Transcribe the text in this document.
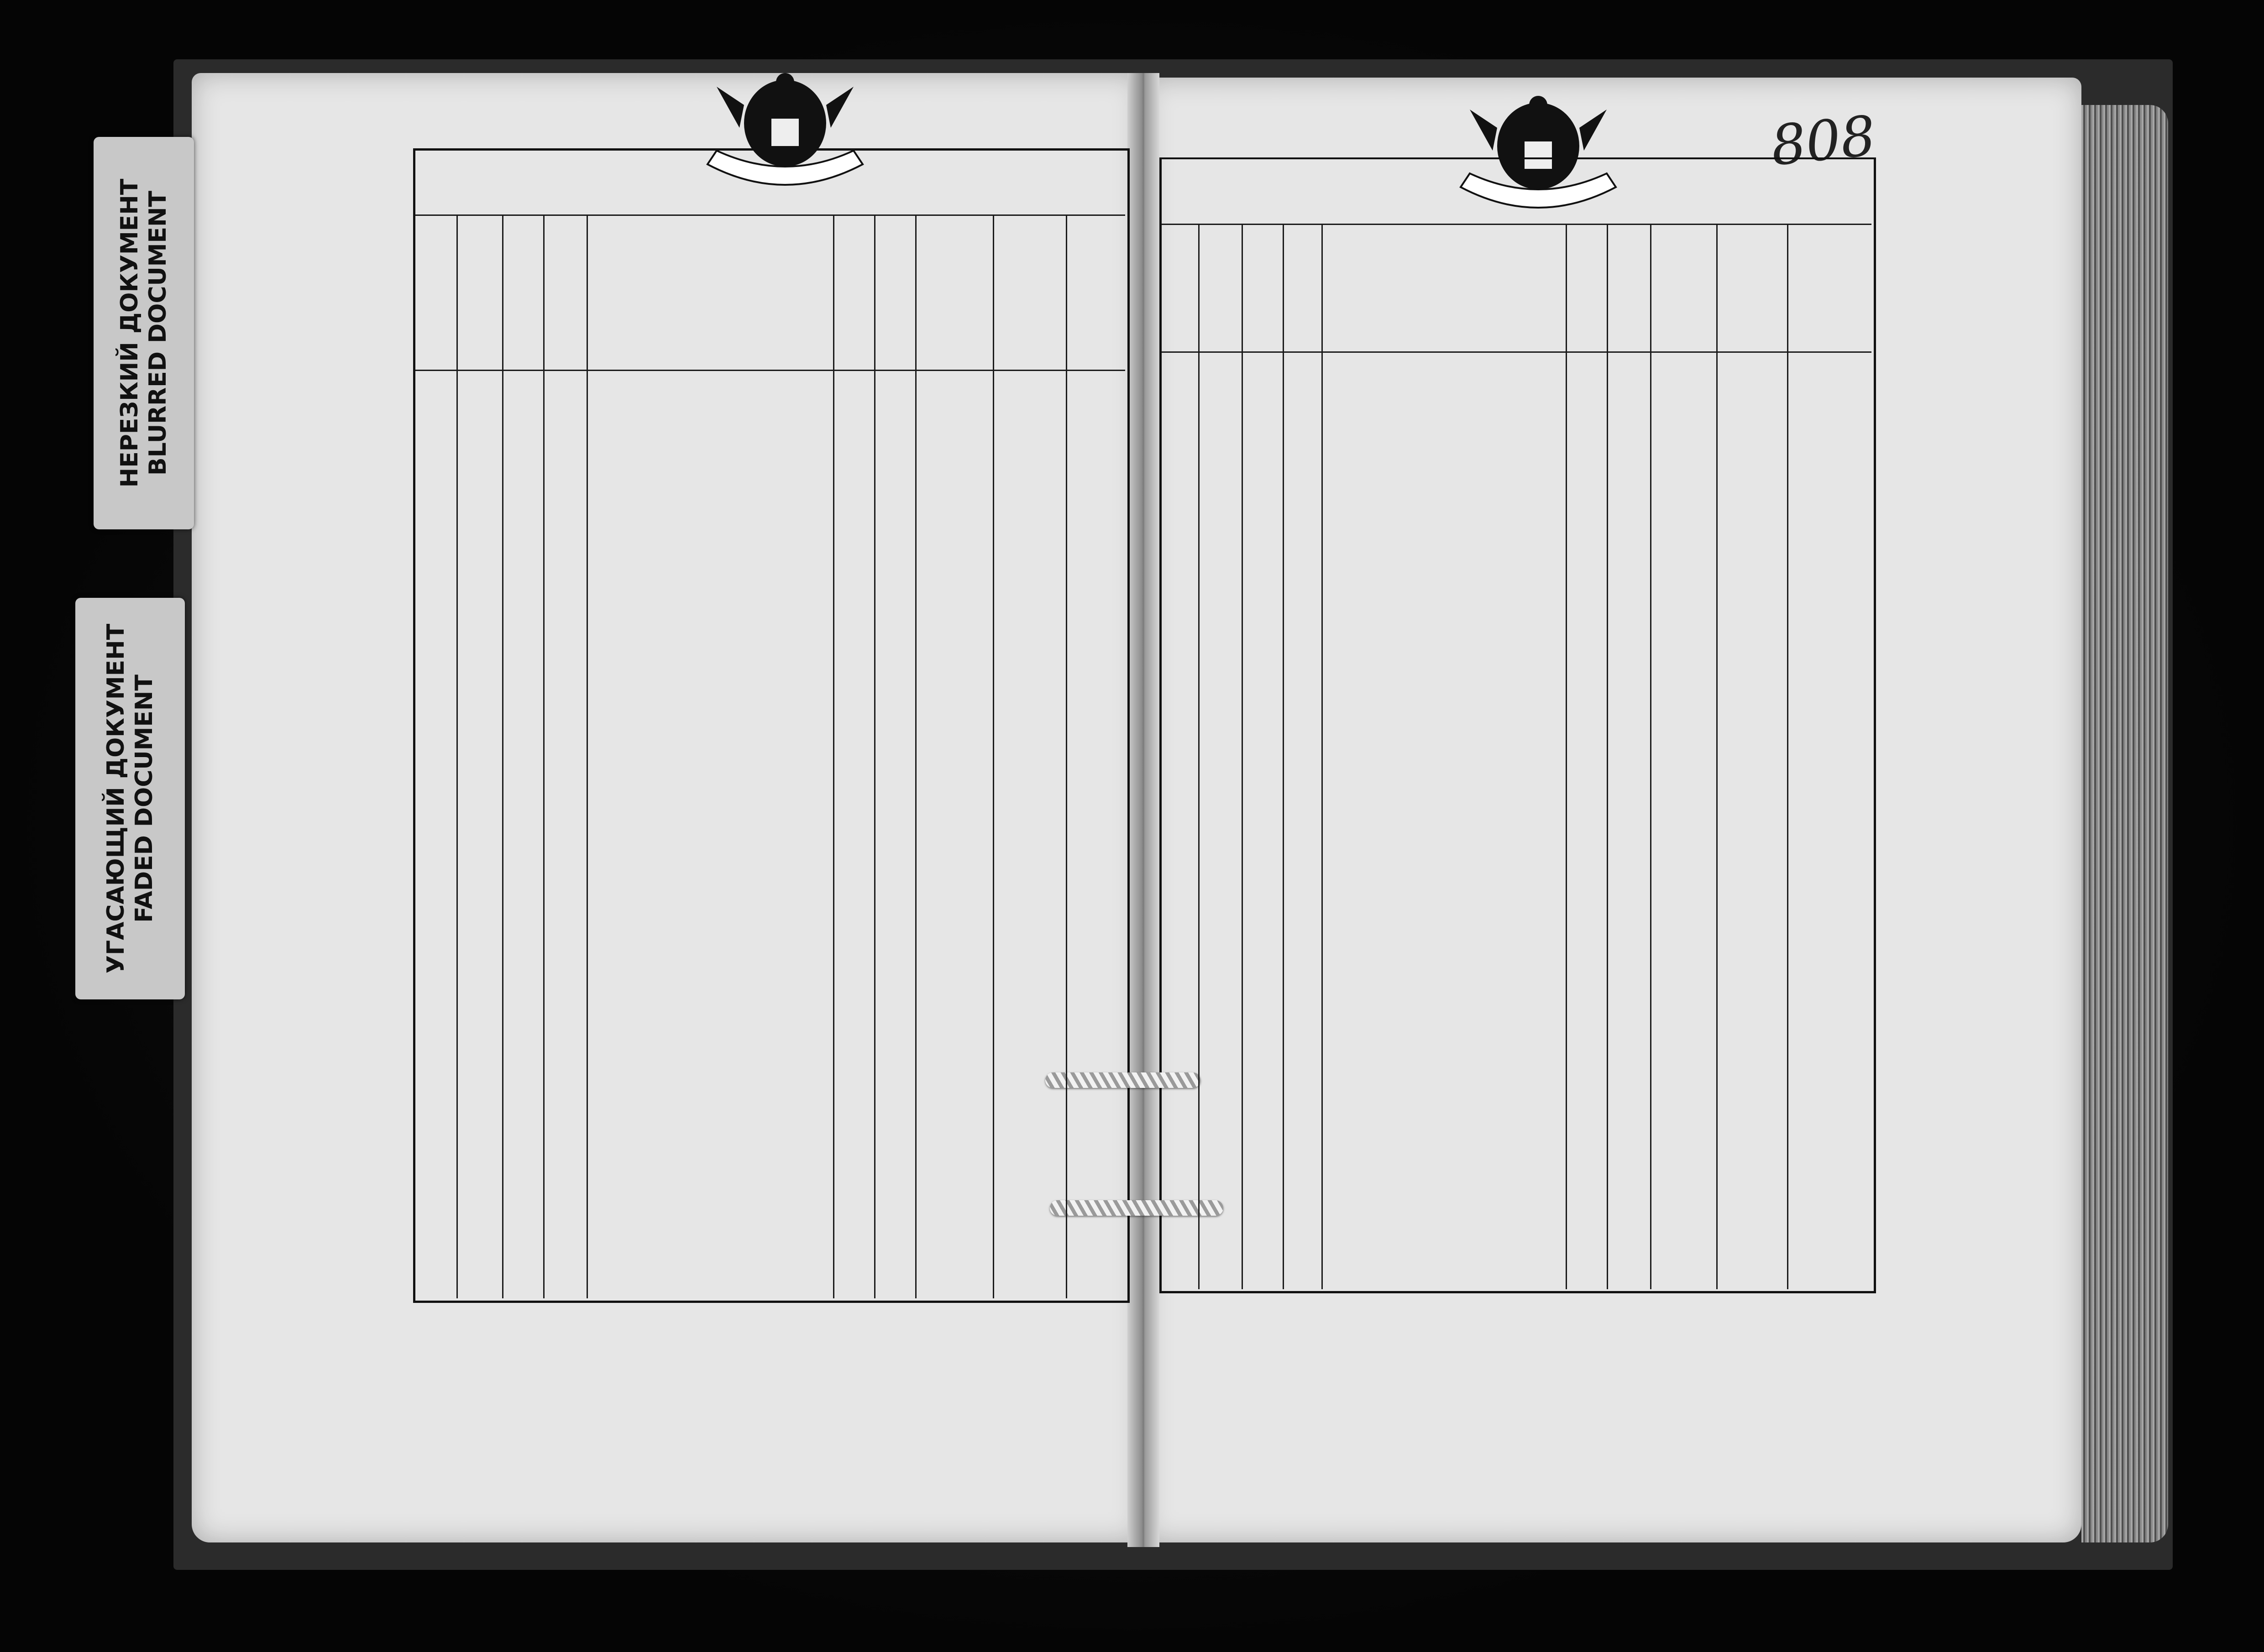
НЕРЕЗКИЙ ДОКУМЕНТ BLURRED DOCUMENT
УГАСАЮЩИЙ ДОКУМЕНТ FADED DOCUMENT
808
